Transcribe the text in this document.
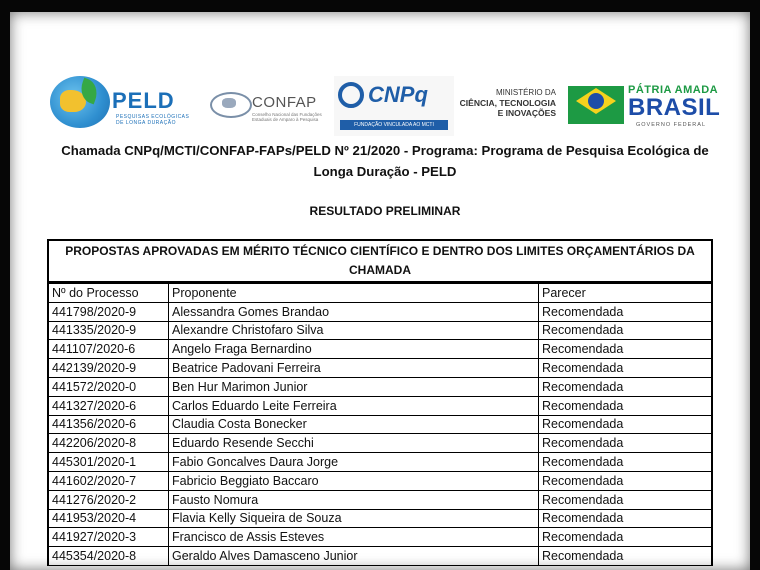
PELD
PESQUISAS ECOLÓGICAS DE LONGA DURAÇÃO
CONFAP
Conselho Nacional das Fundações Estaduais de Amparo à Pesquisa
CNPq
FUNDAÇÃO VINCULADA AO MCTI
MINISTÉRIO DA
CIÊNCIA, TECNOLOGIA
E INOVAÇÕES
PÁTRIA AMADA
BRASIL
GOVERNO FEDERAL
Chamada CNPq/MCTI/CONFAP-FAPs/PELD Nº 21/2020 - Programa: Programa de Pesquisa Ecológica de
Longa Duração - PELD
RESULTADO PRELIMINAR
PROPOSTAS APROVADAS EM MÉRITO TÉCNICO CIENTÍFICO E DENTRO DOS LIMITES ORÇAMENTÁRIOS DA CHAMADA
Nº do Processo	Proponente	Parecer
441798/2020-9	Alessandra Gomes Brandao	Recomendada
441335/2020-9	Alexandre Christofaro Silva	Recomendada
441107/2020-6	Angelo Fraga Bernardino	Recomendada
442139/2020-9	Beatrice Padovani Ferreira	Recomendada
441572/2020-0	Ben Hur Marimon Junior	Recomendada
441327/2020-6	Carlos Eduardo Leite Ferreira	Recomendada
441356/2020-6	Claudia Costa Bonecker	Recomendada
442206/2020-8	Eduardo Resende Secchi	Recomendada
445301/2020-1	Fabio Goncalves Daura Jorge	Recomendada
441602/2020-7	Fabricio Beggiato Baccaro	Recomendada
441276/2020-2	Fausto Nomura	Recomendada
441953/2020-4	Flavia Kelly Siqueira de Souza	Recomendada
441927/2020-3	Francisco de Assis Esteves	Recomendada
445354/2020-8	Geraldo Alves Damasceno Junior	Recomendada
